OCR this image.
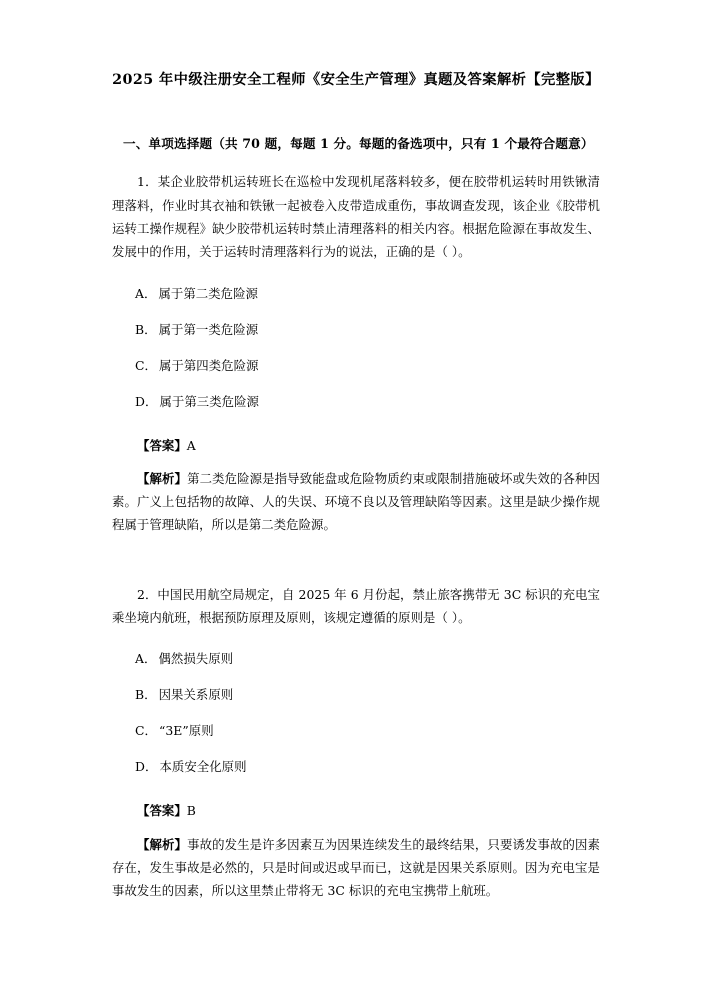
2025 年中级注册安全工程师《安全生产管理》真题及答案解析【完整版】
一、单项选择题（共 70 题，每题 1 分。每题的备选项中，只有 1 个最符合题意）

1．某企业胶带机运转班长在巡检中发现机尾落料较多，便在胶带机运转时用铁锹清理落料，作业时其衣袖和铁锹一起被卷入皮带造成重伤，事故调查发现，该企业《胶带机运转工操作规程》缺少胶带机运转时禁止清理落料的相关内容。根据危险源在事故发生、发展中的作用，关于运转时清理落料行为的说法，正确的是（ ）。

A． 属于第二类危险源
B． 属于第一类危险源
C． 属于第四类危险源
D． 属于第三类危险源

【答案】A

【解析】第二类危险源是指导致能盘或危险物质约束或限制措施破坏或失效的各种因素。广义上包括物的故障、人的失误、环境不良以及管理缺陷等因素。这里是缺少操作规程属于管理缺陷，所以是第二类危险源。

2．中国民用航空局规定，自 2025 年 6 月份起，禁止旅客携带无 3C 标识的充电宝乘坐境内航班，根据预防原理及原则，该规定遵循的原则是（ ）。

A． 偶然损失原则
B． 因果关系原则
C． “3E”原则
D． 本质安全化原则

【答案】B

【解析】事故的发生是许多因素互为因果连续发生的最终结果，只要诱发事故的因素存在，发生事故是必然的，只是时间或迟或早而已，这就是因果关系原则。因为充电宝是事故发生的因素，所以这里禁止带将无 3C 标识的充电宝携带上航班。
